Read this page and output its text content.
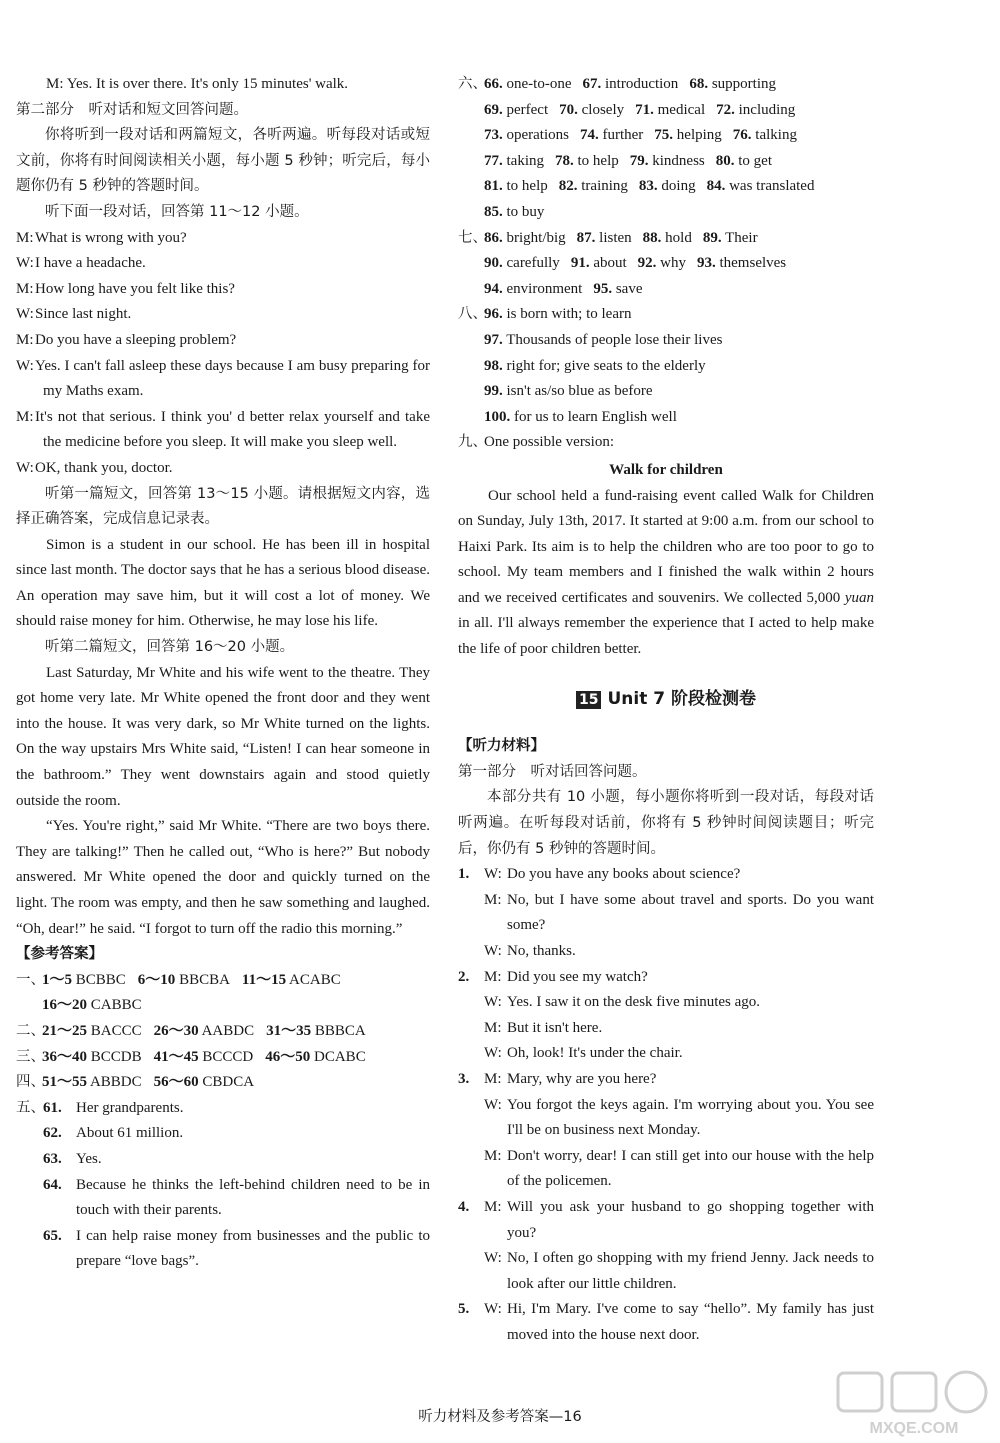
M: Yes. It is over there. It's only 15 minutes' walk.

第二部分　听对话和短文回答问题。

你将听到一段对话和两篇短文，各听两遍。听每段对话或短文前，你将有时间阅读相关小题，每小题 5 秒钟；听完后，每小题你仍有 5 秒钟的答题时间。

听下面一段对话，回答第 11～12 小题。

M:What is wrong with you?

W:I have a headache.

M:How long have you felt like this?

W:Since last night.

M:Do you have a sleeping problem?

W:Yes. I can't fall asleep these days because I am busy preparing for my Maths exam.

M:It's not that serious. I think you' d better relax yourself and take the medicine before you sleep. It will make you sleep well.

W:OK, thank you, doctor.

听第一篇短文，回答第 13～15 小题。请根据短文内容，选择正确答案，完成信息记录表。

Simon is a student in our school. He has been ill in hospital since last month. The doctor says that he has a serious blood disease. An operation may save him, but it will cost a lot of money. We should raise money for him. Otherwise, he may lose his life.

听第二篇短文，回答第 16～20 小题。

Last Saturday, Mr White and his wife went to the theatre. They got home very late. Mr White opened the front door and they went into the house. It was very dark, so Mr White turned on the lights. On the way upstairs Mrs White said, “Listen! I can hear someone in the bathroom.” They went downstairs again and stood quietly outside the room.

“Yes. You're right,” said Mr White. “There are two boys there. They are talking!” Then he called out, “Who is here?” But nobody answered. Mr White opened the door and quickly turned on the light. The room was empty, and then he saw something and laughed. “Oh, dear!” he said. “I forgot to turn off the radio this morning.”

【参考答案】

一、1～5 BCBBC 6～10 BBCBA 11～15 ACABC

16～20 CABBC

二、21～25 BACCC 26～30 AABDC 31～35 BBBCA

三、36～40 BCCDB 41～45 BCCCD 46～50 DCABC

四、51～55 ABBDC 56～60 CBDCA

五、61. Her grandparents.

62. About 61 million.

63. Yes.

64. Because he thinks the left-behind children need to be in touch with their parents.

65. I can help raise money from businesses and the public to prepare “love bags”.

六、66. one-to-one 67. introduction 68. supporting

69. perfect 70. closely 71. medical 72. including

73. operations 74. further 75. helping 76. talking

77. taking 78. to help 79. kindness 80. to get

81. to help 82. training 83. doing 84. was translated

85. to buy

七、86. bright/big 87. listen 88. hold 89. Their

90. carefully 91. about 92. why 93. themselves

94. environment 95. save

八、96. is born with; to learn

97. Thousands of people lose their lives

98. right for; give seats to the elderly

99. isn't as/so blue as before

100. for us to learn English well

九、One possible version:

Walk for children

Our school held a fund-raising event called Walk for Children on Sunday, July 13th, 2017. It started at 9:00 a.m. from our school to Haixi Park. Its aim is to help the children who are too poor to go to school. My team members and I finished the walk within 2 hours and we received certificates and souvenirs. We collected 5,000 yuan in all. I'll always remember the experience that I acted to help make the life of poor children better.

15 Unit 7 阶段检测卷

【听力材料】

第一部分　听对话回答问题。

本部分共有 10 小题，每小题你将听到一段对话，每段对话听两遍。在听每段对话前，你将有 5 秒钟时间阅读题目；听完后，你仍有 5 秒钟的答题时间。

1. W: Do you have any books about science?

M: No, but I have some about travel and sports. Do you want some?

W: No, thanks.

2. M: Did you see my watch?

W: Yes. I saw it on the desk five minutes ago.

M: But it isn't here.

W: Oh, look! It's under the chair.

3. M: Mary, why are you here?

W: You forgot the keys again. I'm worrying about you. You see I'll be on business next Monday.

M: Don't worry, dear! I can still get into our house with the help of the policemen.

4. M: Will you ask your husband to go shopping together with you?

W: No, I often go shopping with my friend Jenny. Jack needs to look after our little children.

5. W: Hi, I'm Mary. I've come to say “hello”. My family has just moved into the house next door.

听力材料及参考答案—16
MXQE.COM
